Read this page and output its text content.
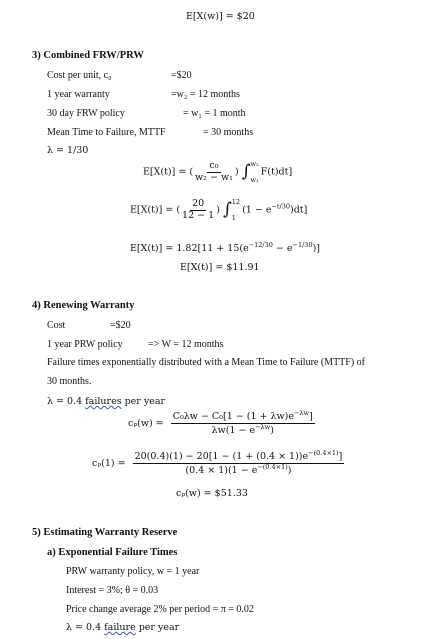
E[X(w)] = $20
3) Combined FRW/PRW
Cost per unit, c₀	=$20
1 year warranty	=w₂ = 12 months
30 day FRW policy	= w₁ = 1 month
Mean Time to Failure, MTTF	= 30 months
λ = 1/30
E[X(t)] = ( $\frac{\text{c₀}}{\text{w₂ − w₁}}$ ) ∫ w₂
w₁
F(t)dt]
E[X(t)] = ( $\frac{20}{12 - 1}$ ) ∫ 12
1
$(1 - e^{-t/30})dt$]
$E[X(t)] = 1.82[11 + 15(e^{-12/30} - e^{-1/30})]$
E[X(t)] = $11.91
4) Renewing Warranty
Cost	=$20
1 year PRW policy	=> W = 12 months
Failure times exponentially distributed with a Mean Time to Failure (MTTF) of
30 months.
λ = 0.4 failures per year
$c_p(w) = \frac{C_0\lambda w - C_0[1 - (1 + \lambda w)e^{-\lambda w}]}{\lambda w(1 - e^{-\lambda w})}$
$c_p(1) = \frac{20(0.4)(1) - 20[1 - (1 + (0.4 \times 1))e^{-(0.4\times 1)}]}{(0.4 \times 1)(1 - e^{-(0.4\times 1)})}$
cₚ(w) = $51.33
5) Estimating Warranty Reserve
a) Exponential Failure Times
PRW warranty policy, w = 1 year
Interest = 3%; θ = 0.03
Price change average 2% per period = π = 0.02
λ = 0.4 failure per year
